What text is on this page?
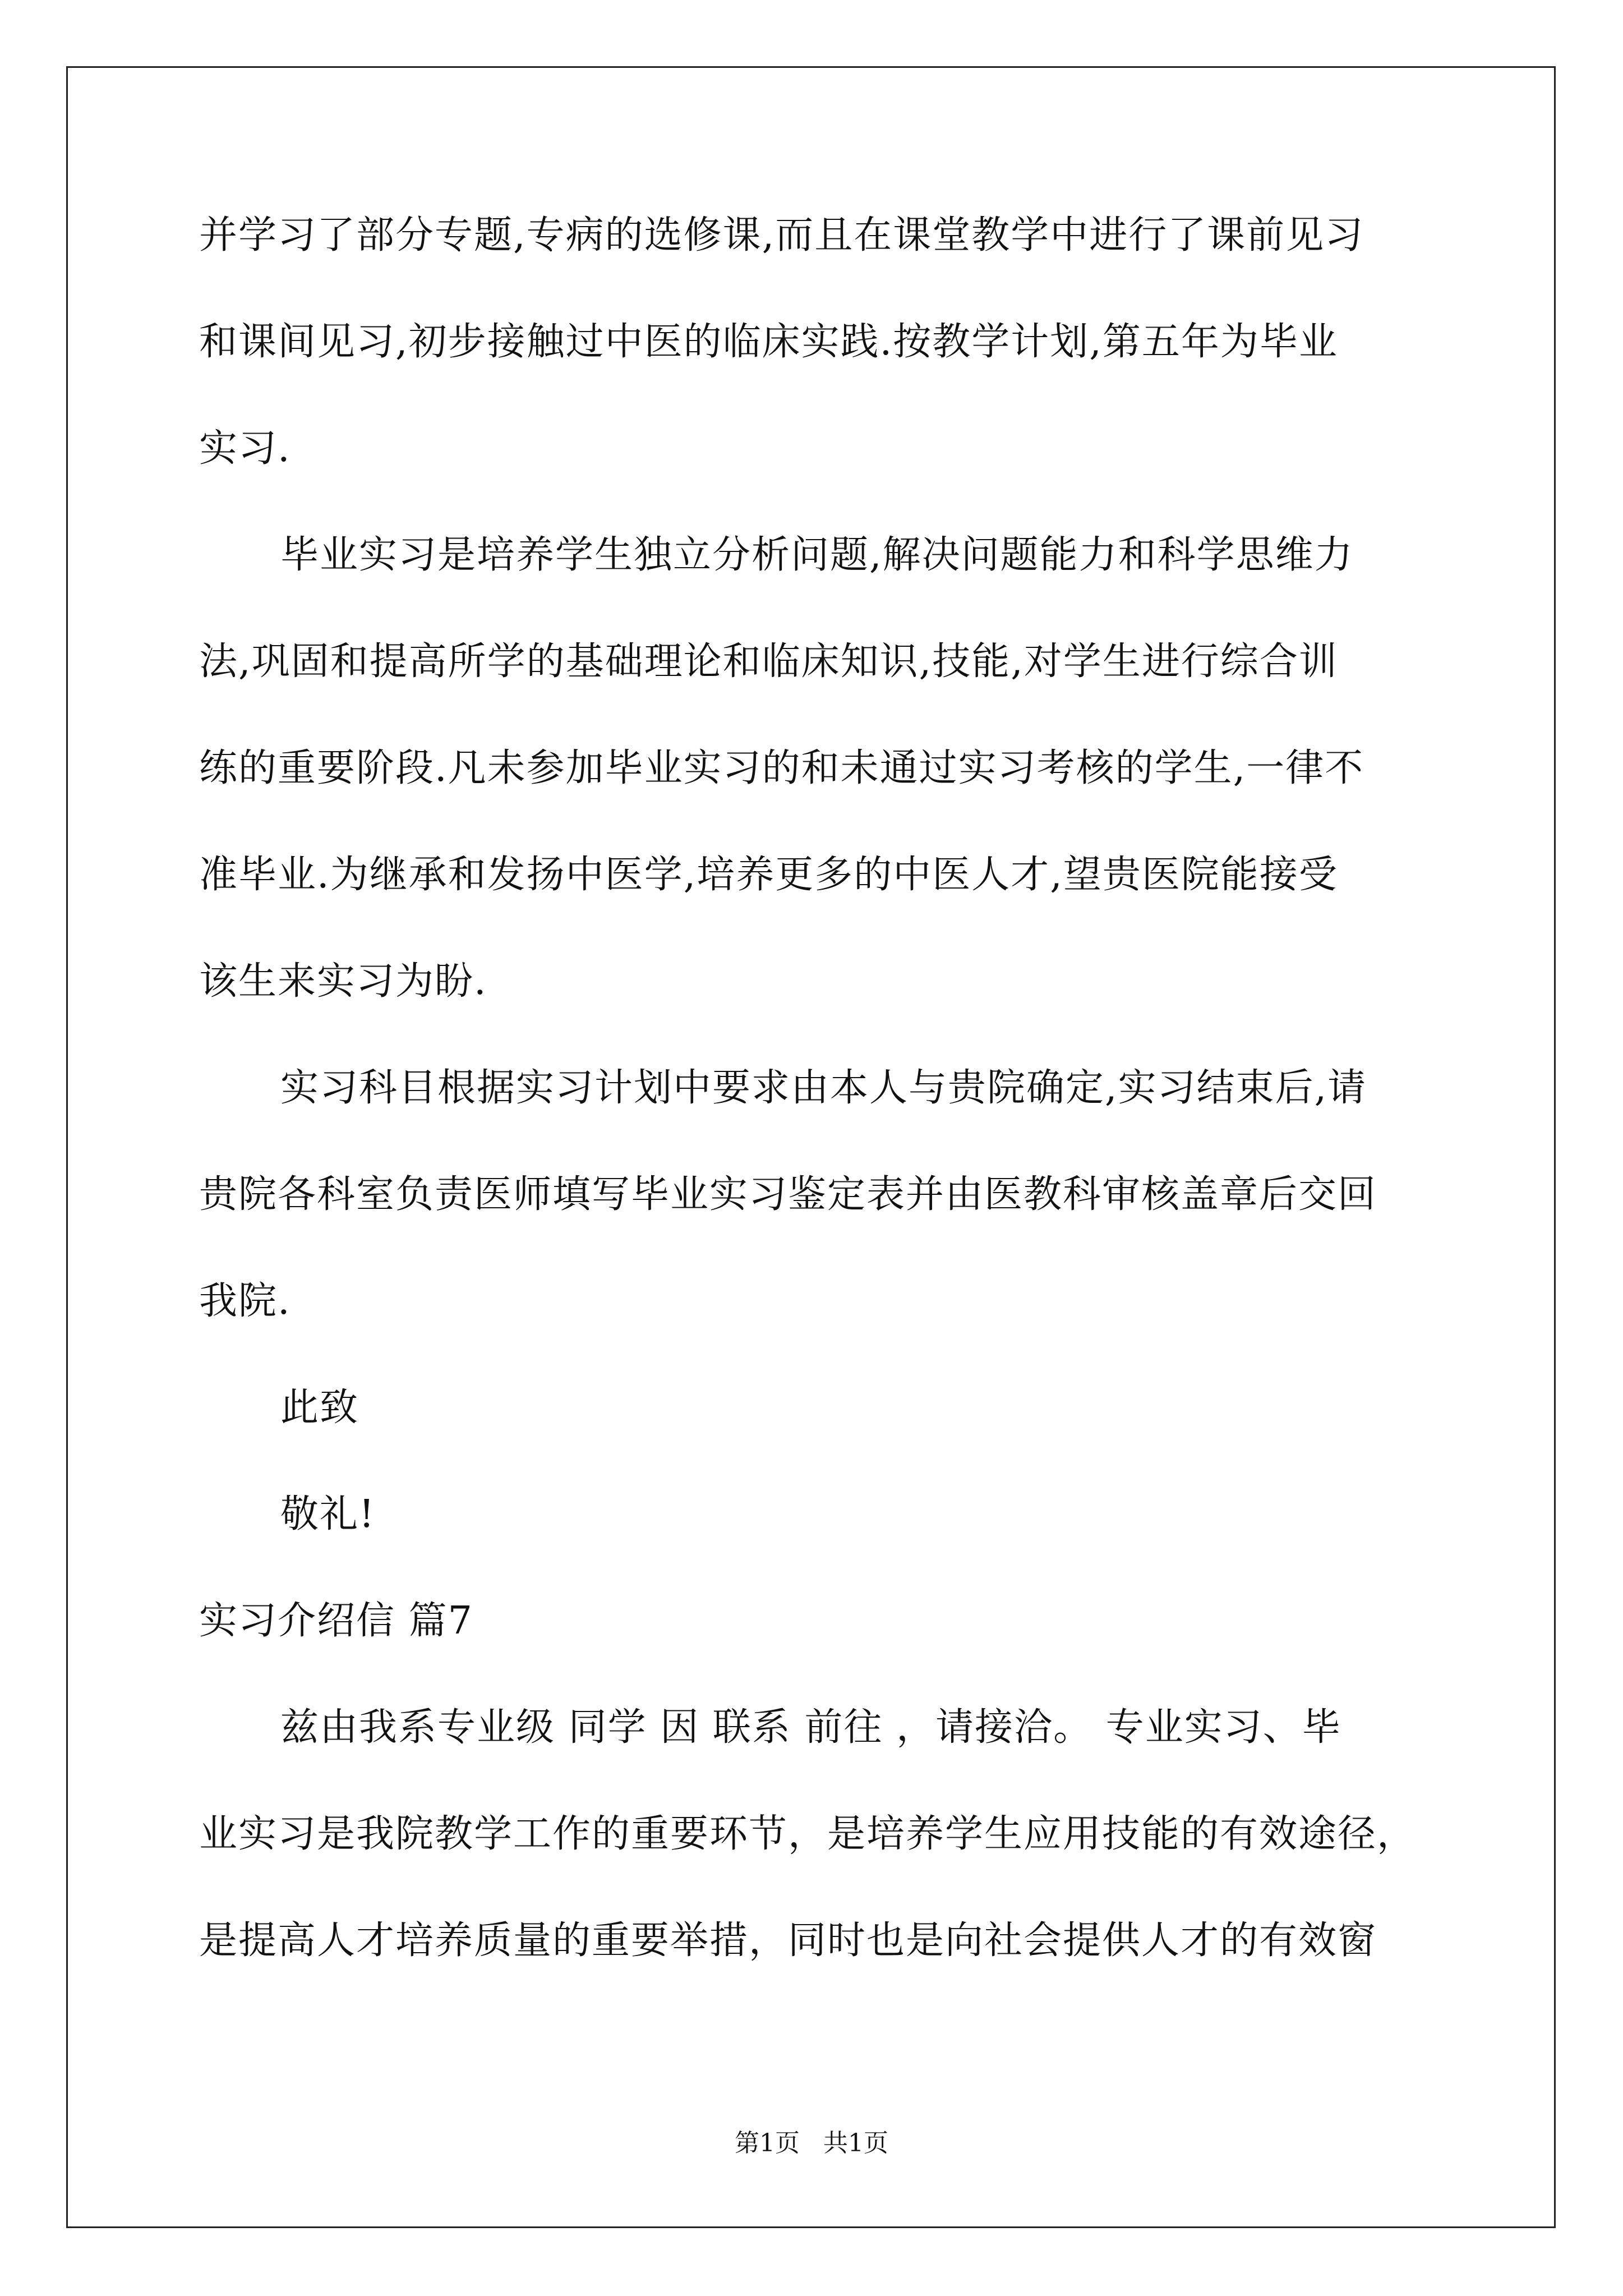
并学习了部分专题,专病的选修课,而且在课堂教学中进行了课前见习
和课间见习,初步接触过中医的临床实践.按教学计划,第五年为毕业
实习.
毕业实习是培养学生独立分析问题,解决问题能力和科学思维力
法,巩固和提高所学的基础理论和临床知识,技能,对学生进行综合训
练的重要阶段.凡未参加毕业实习的和未通过实习考核的学生,一律不
准毕业.为继承和发扬中医学,培养更多的中医人才,望贵医院能接受
该生来实习为盼.
实习科目根据实习计划中要求由本人与贵院确定,实习结束后,请
贵院各科室负责医师填写毕业实习鉴定表并由医教科审核盖章后交回
我院.
此致
敬礼!
实习介绍信 篇7
兹由我系专业级 同学 因 联系 前往 ，请接洽。 专业实习、毕
业实习是我院教学工作的重要环节，是培养学生应用技能的有效途径，
是提高人才培养质量的重要举措，同时也是向社会提供人才的有效窗
第1页   共1页
